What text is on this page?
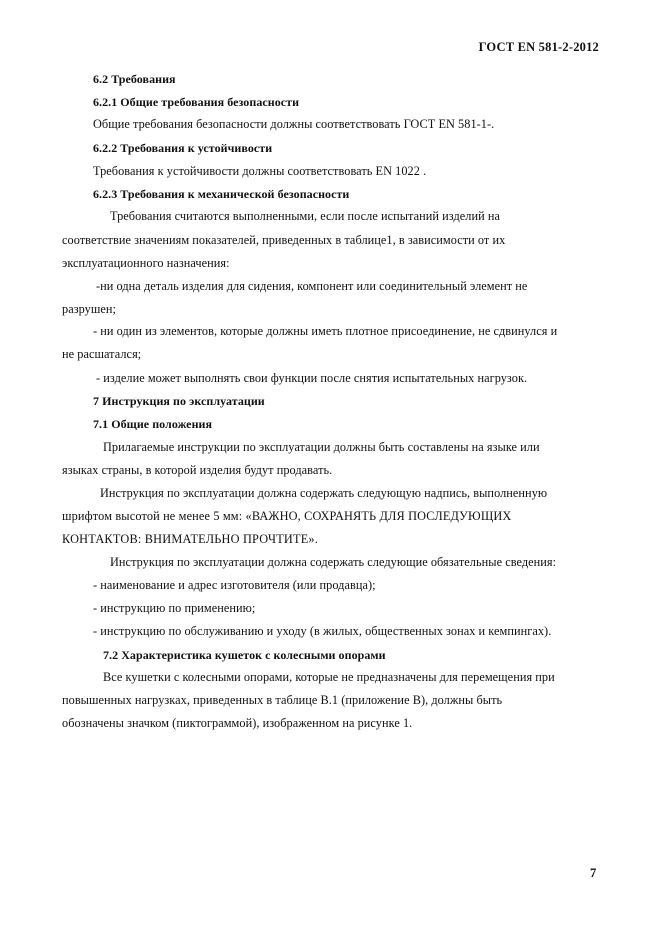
ГОСТ EN 581-2-2012
6.2 Требования
6.2.1 Общие требования безопасности
Общие требования безопасности должны соответствовать ГОСТ EN 581-1-.
6.2.2 Требования к устойчивости
Требования к устойчивости должны соответствовать EN 1022 .
6.2.3 Требования к механической безопасности
Требования считаются выполненными, если после испытаний изделий на
соответствие значениям показателей, приведенных в таблице1, в зависимости от их
эксплуатационного назначения:
-ни одна деталь изделия для сидения, компонент или соединительный элемент не
разрушен;
- ни один из элементов, которые должны иметь плотное присоединение, не сдвинулся и
не расшатался;
- изделие может выполнять свои функции после снятия испытательных нагрузок.
7 Инструкция по эксплуатации
7.1 Общие положения
Прилагаемые инструкции по эксплуатации должны быть составлены на языке или
языках страны, в которой изделия будут продавать.
Инструкция по эксплуатации должна содержать следующую надпись, выполненную
шрифтом высотой не менее 5 мм: «ВАЖНО, СОХРАНЯТЬ ДЛЯ ПОСЛЕДУЮЩИХ
КОНТАКТОВ: ВНИМАТЕЛЬНО ПРОЧТИТЕ».
Инструкция по эксплуатации должна содержать следующие обязательные сведения:
- наименование и адрес изготовителя (или продавца);
- инструкцию по применению;
- инструкцию по обслуживанию и уходу (в жилых, общественных зонах и кемпингах).
7.2 Характеристика кушеток с колесными опорами
Все кушетки с колесными опорами, которые не предназначены для перемещения при
повышенных нагрузках, приведенных в таблице В.1 (приложение В), должны быть
обозначены значком (пиктограммой), изображенном на рисунке 1.
7
